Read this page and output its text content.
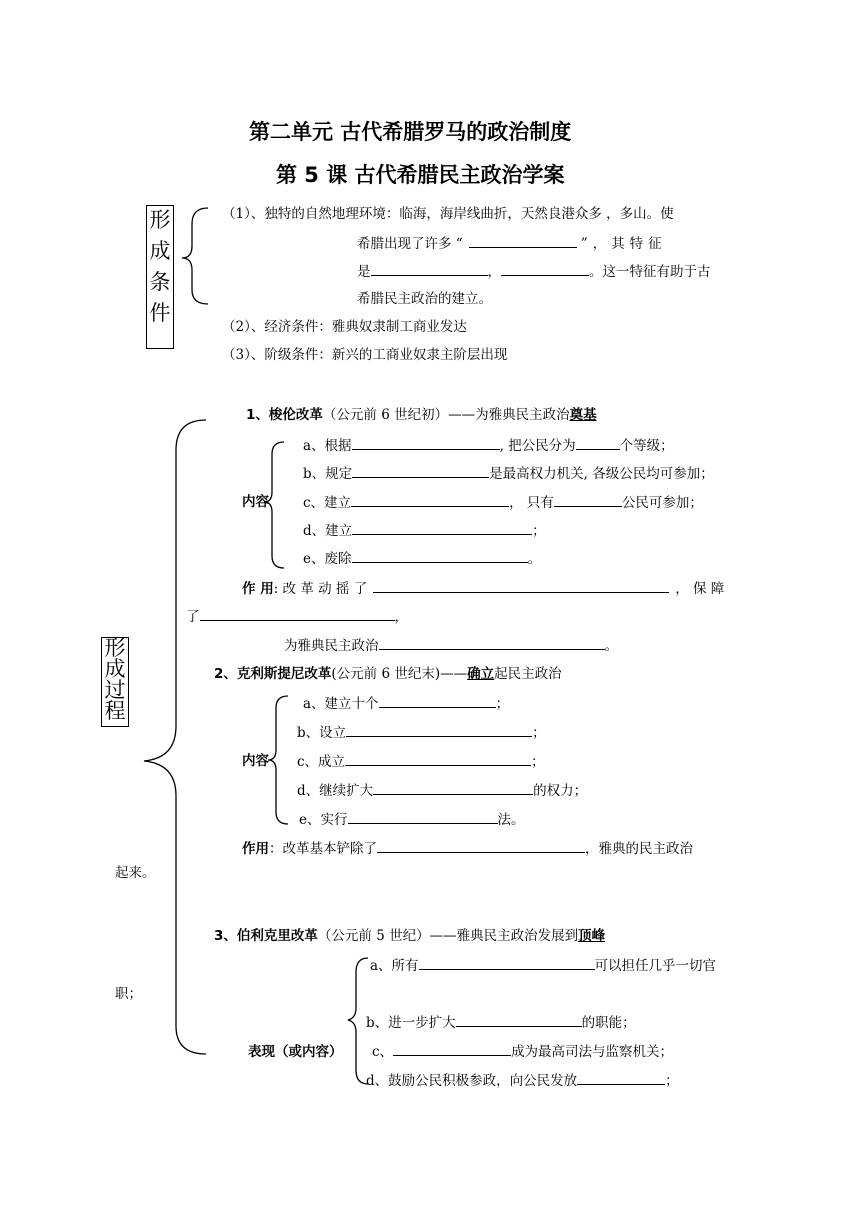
第二单元 古代希腊罗马的政治制度
第 5 课 古代希腊民主政治学案
形
成
条
件
（1）、独特的自然地理环境：临海，海岸线曲折，天然良港众多 ，多山。使
希腊出现了许多 “	”，其特征
是	，	。这一特征有助于古
希腊民主政治的建立。
（2）、经济条件：雅典奴隶制工商业发达
（3）、阶级条件：新兴的工商业奴隶主阶层出现
形
成
过
程
1、梭伦改革（公元前 6 世纪初）——为雅典民主政治奠基
内容
a、根据	, 把公民分为	个等级；
b、规定	是最高权力机关, 各级公民均可参加；
c、建立	， 只有	公民可参加；
d、建立	；
e、废除	。
作 用: 改 革 动 摇 了	， 保 障
了	，
为雅典民主政治	。
2、克利斯提尼改革(公元前 6 世纪末)——确立起民主政治
内容
a、建立十个	；
b、设立	；
c、成立	；
d、继续扩大	的权力；
e、实行	法。
作用：改革基本铲除了	，雅典的民主政治
起来。
3、伯利克里改革（公元前 5 世纪）——雅典民主政治发展到顶峰
表现（或内容）
a、所有	可以担任几乎一切官
职；
b、进一步扩大	的职能；
c、	成为最高司法与监察机关；
d、鼓励公民积极参政，向公民发放	；
